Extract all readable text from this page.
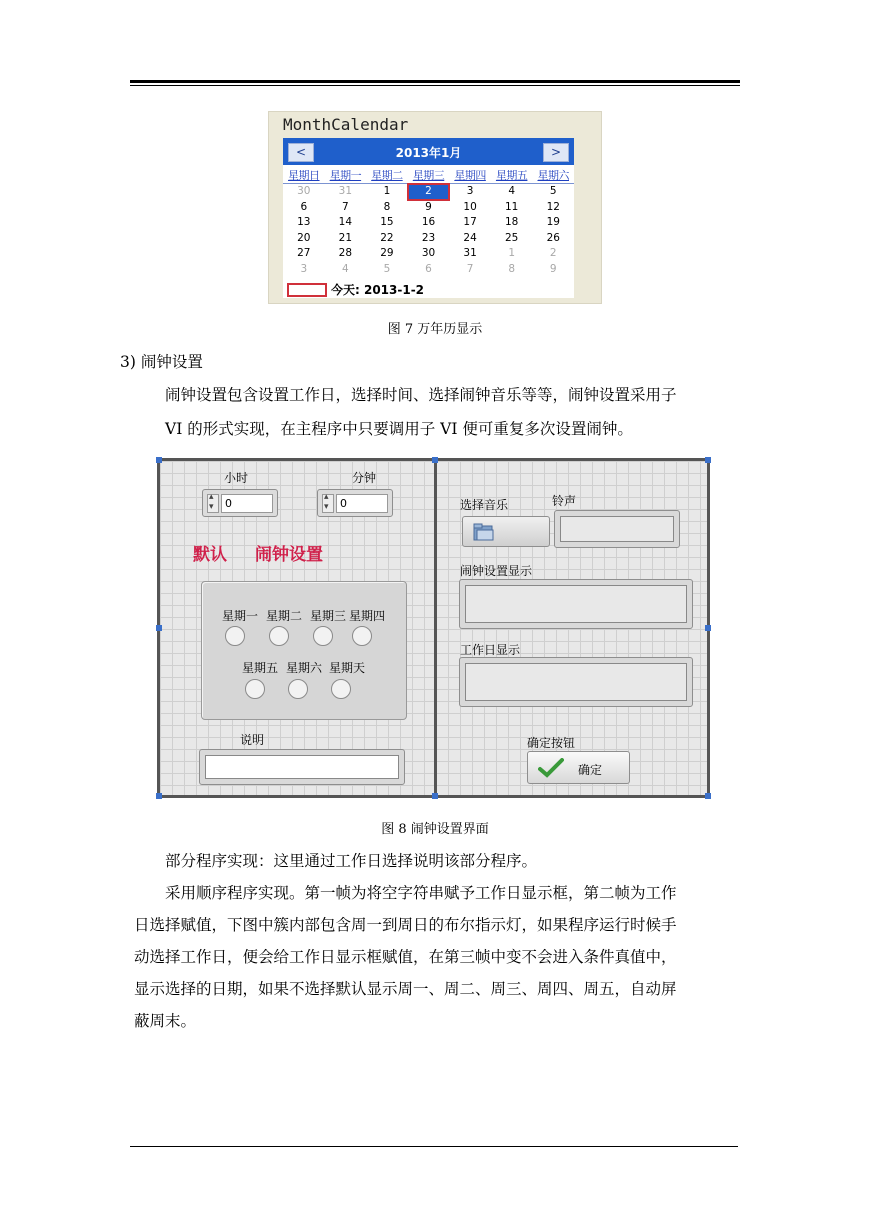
MonthCalendar
<	2013年1月	>
星期日 星期一 星期二 星期三 星期四 星期五 星期六
30	31	1	2	3	4	5
6	7	8	9	10	11	12
13	14	15	16	17	18	19
20	21	22	23	24	25	26
27	28	29	30	31	1	2
3	4	5	6	7	8	9
今天: 2013-1-2
图 7 万年历显示
3) 闹钟设置
闹钟设置包含设置工作日，选择时间、选择闹钟音乐等等，闹钟设置采用子
VI 的形式实现，在主程序中只要调用子 VI 便可重复多次设置闹钟。
小时
▴ ▾
0
分钟
▴ ▾
0
默认 闹钟设置
星期一 星期二 星期三 星期四
星期五 星期六 星期天
说明
选择音乐	铃声
闹钟设置显示
工作日显示
确定按钮
确定
图 8 闹钟设置界面
部分程序实现：这里通过工作日选择说明该部分程序。
采用顺序程序实现。第一帧为将空字符串赋予工作日显示框，第二帧为工作
日选择赋值，下图中簇内部包含周一到周日的布尔指示灯，如果程序运行时候手
动选择工作日，便会给工作日显示框赋值，在第三帧中变不会进入条件真值中，
显示选择的日期，如果不选择默认显示周一、周二、周三、周四、周五，自动屏
蔽周末。
